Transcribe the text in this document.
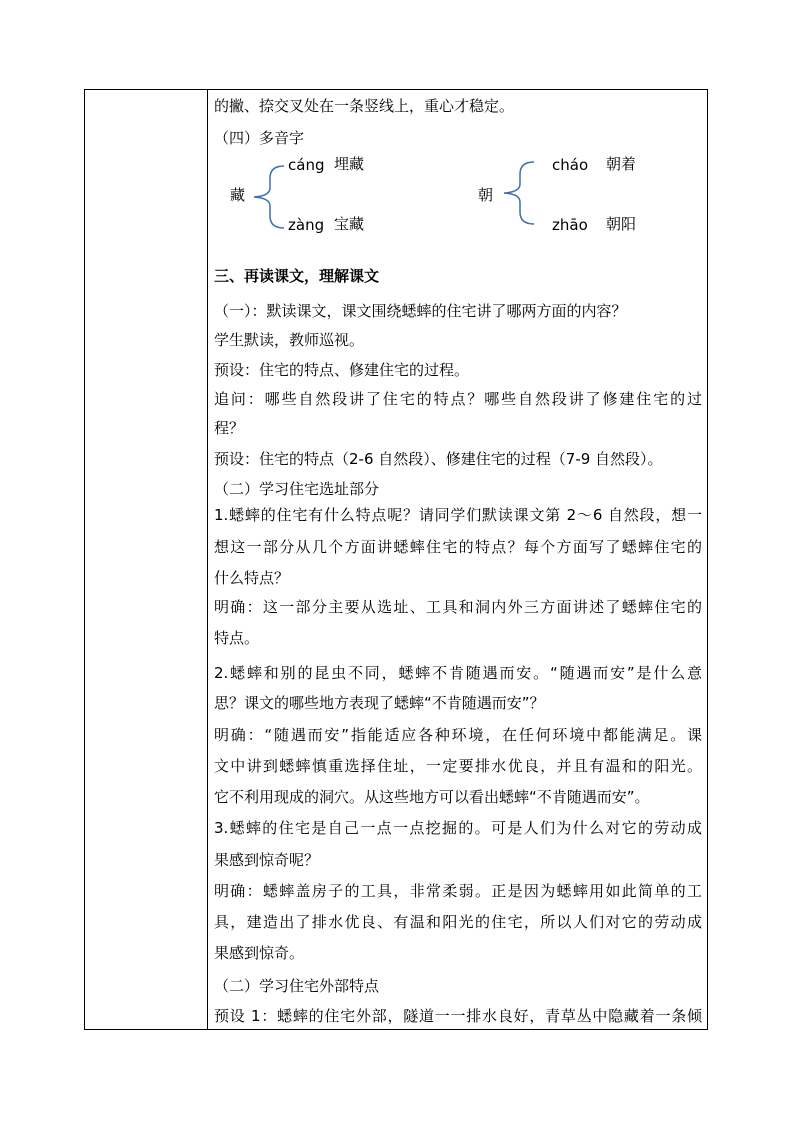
的撇、捺交叉处在一条竖线上，重心才稳定。
（四）多音字
藏
cáng 埋藏
zàng 宝藏
朝
cháo 朝着
zhāo 朝阳
三、再读课文，理解课文
（一）：默读课文，课文围绕蟋蟀的住宅讲了哪两方面的内容？
学生默读，教师巡视。
预设：住宅的特点、修建住宅的过程。
追问：哪些自然段讲了住宅的特点？哪些自然段讲了修建住宅的过
程？
预设：住宅的特点（2-6 自然段）、修建住宅的过程（7-9 自然段）。
（二）学习住宅选址部分
1.蟋蟀的住宅有什么特点呢？请同学们默读课文第 2～6 自然段，想一
想这一部分从几个方面讲蟋蟀住宅的特点？每个方面写了蟋蟀住宅的
什么特点？
明确：这一部分主要从选址、工具和洞内外三方面讲述了蟋蟀住宅的
特点。
2.蟋蟀和别的昆虫不同，蟋蟀不肯随遇而安。“随遇而安”是什么意
思？课文的哪些地方表现了蟋蟀“不肯随遇而安”？
明确：“随遇而安”指能适应各种环境，在任何环境中都能满足。课
文中讲到蟋蟀慎重选择住址，一定要排水优良，并且有温和的阳光。
它不利用现成的洞穴。从这些地方可以看出蟋蟀“不肯随遇而安”。
3.蟋蟀的住宅是自己一点一点挖掘的。可是人们为什么对它的劳动成
果感到惊奇呢？
明确：蟋蟀盖房子的工具，非常柔弱。正是因为蟋蟀用如此简单的工
具，建造出了排水优良、有温和阳光的住宅，所以人们对它的劳动成
果感到惊奇。
（二）学习住宅外部特点
预设 1：蟋蟀的住宅外部，隧道一一排水良好，青草丛中隐藏着一条倾
